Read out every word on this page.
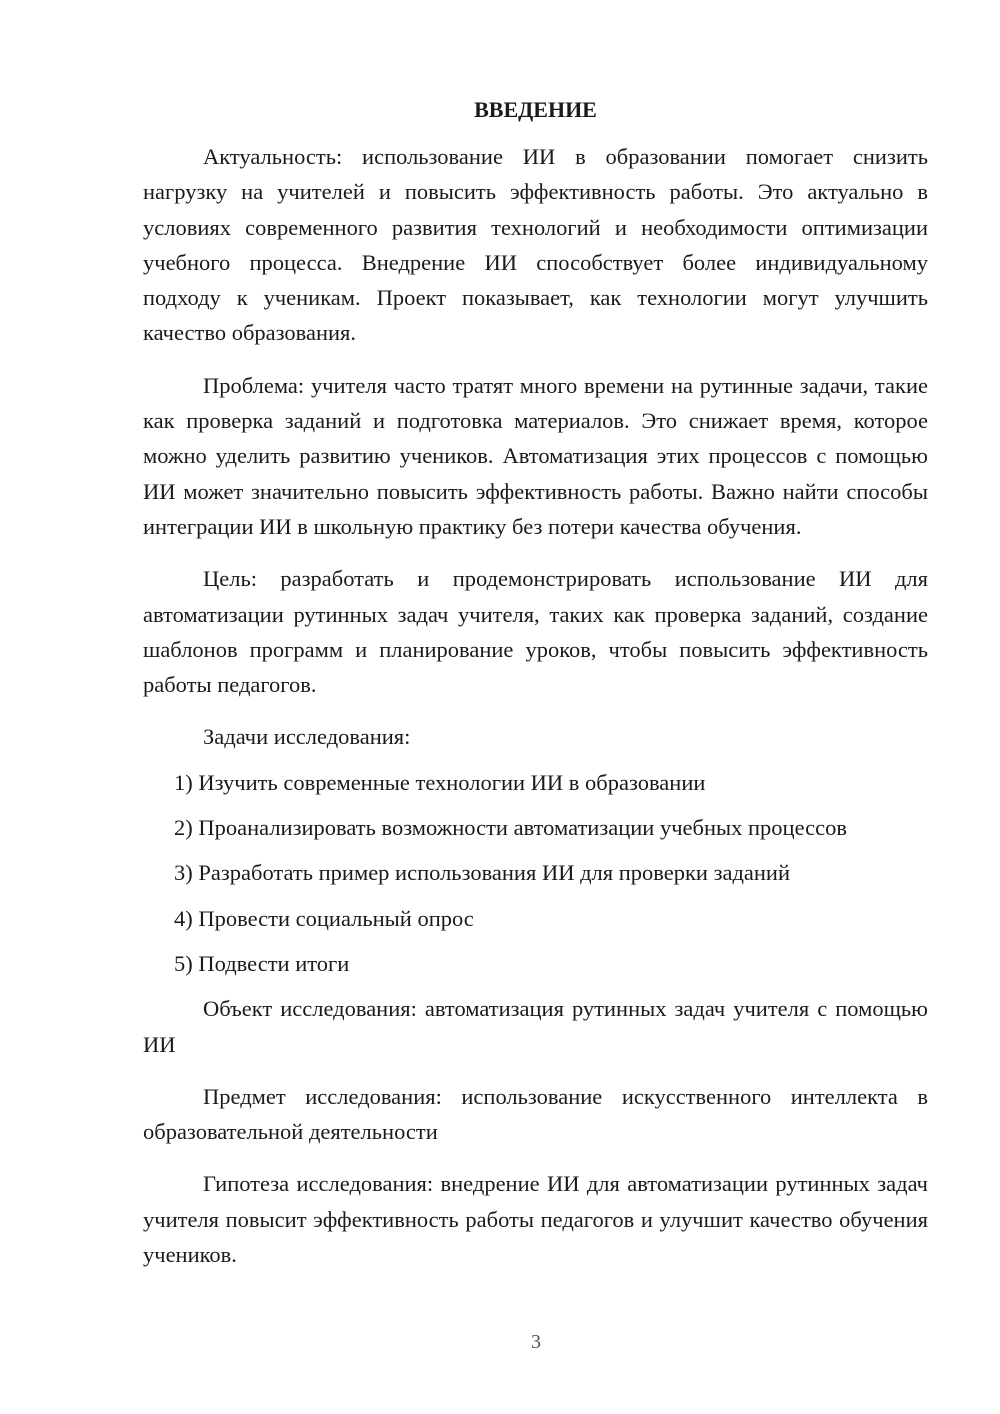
ВВЕДЕНИЕ

Актуальность: использование ИИ в образовании помогает снизить нагрузку на учителей и повысить эффективность работы. Это актуально в условиях современного развития технологий и необходимости оптимизации учебного процесса. Внедрение ИИ способствует более индивидуальному подходу к ученикам. Проект показывает, как технологии могут улучшить качество образования.

Проблема: учителя часто тратят много времени на рутинные задачи, такие как проверка заданий и подготовка материалов. Это снижает время, которое можно уделить развитию учеников. Автоматизация этих процессов с помощью ИИ может значительно повысить эффективность работы. Важно найти способы интеграции ИИ в школьную практику без потери качества обучения.

Цель: разработать и продемонстрировать использование ИИ для автоматизации рутинных задач учителя, таких как проверка заданий, создание шаблонов программ и планирование уроков, чтобы повысить эффективность работы педагогов.

Задачи исследования:
1) Изучить современные технологии ИИ в образовании
2) Проанализировать возможности автоматизации учебных процессов
3) Разработать пример использования ИИ для проверки заданий
4) Провести социальный опрос
5) Подвести итоги

Объект исследования: автоматизация рутинных задач учителя с помощью ИИ

Предмет исследования: использование искусственного интеллекта в образовательной деятельности

Гипотеза исследования: внедрение ИИ для автоматизации рутинных задач учителя повысит эффективность работы педагогов и улучшит качество обучения учеников.

3
